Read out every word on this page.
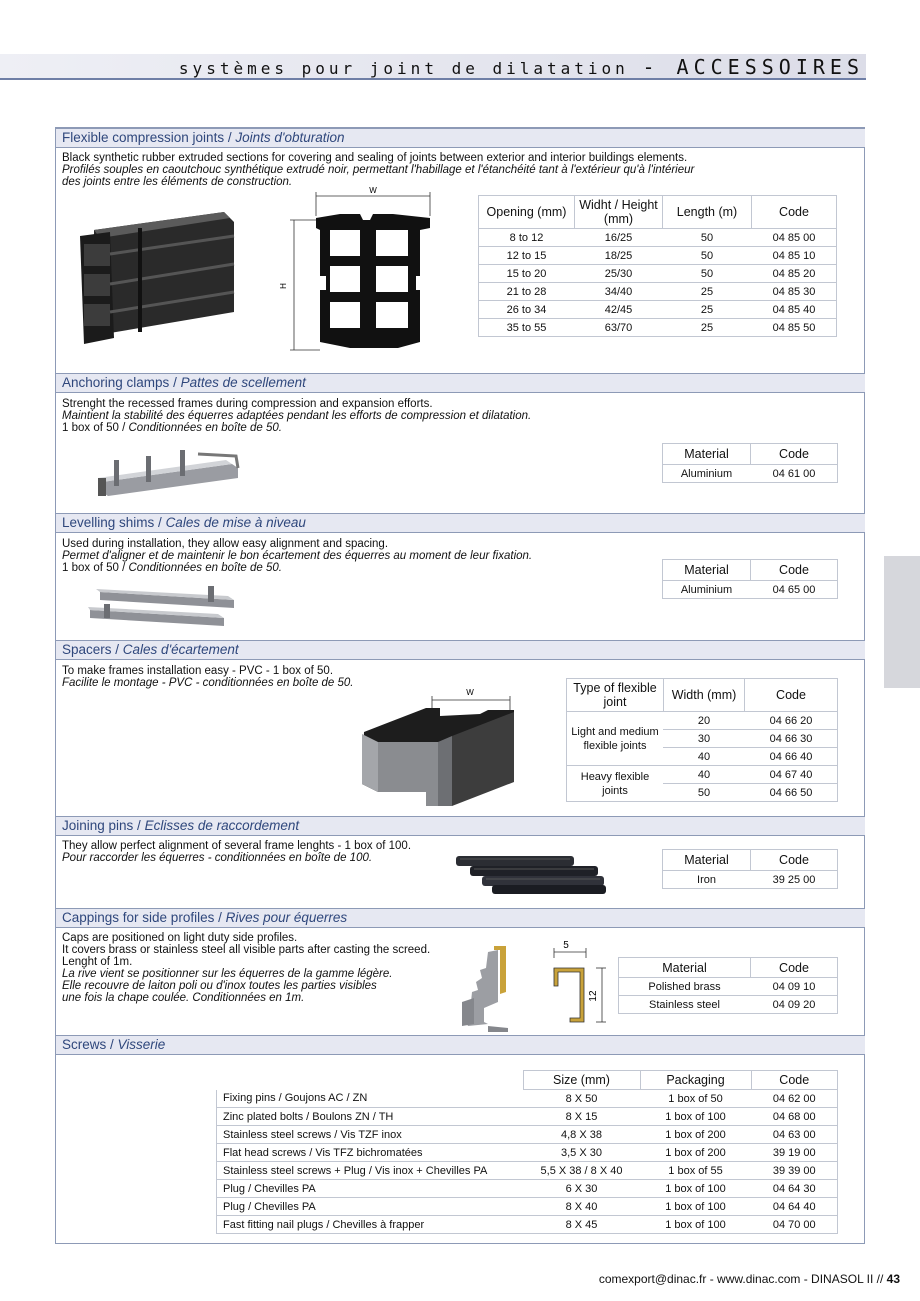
systèmes pour joint de dilatation - ACCESSOIRES
Flexible compression joints / Joints d'obturation
Black synthetic rubber extruded sections for covering and sealing of joints between exterior and interior buildings elements.
Profilés souples en caoutchouc synthétique extrudé noir, permettant l'habillage et l'étanchéité tant à l'extérieur qu'à l'intérieur
des joints entre les éléments de construction.
W
H
Opening (mm)	Widht / Height (mm)	Length (m)	Code
8 to 12	16/25	50	04 85 00
12 to 15	18/25	50	04 85 10
15 to 20	25/30	50	04 85 20
21 to 28	34/40	25	04 85 30
26 to 34	42/45	25	04 85 40
35 to 55	63/70	25	04 85 50
Anchoring clamps / Pattes de scellement
Strenght the recessed frames during compression and expansion efforts.
Maintient la stabilité des équerres adaptées pendant les efforts de compression et dilatation.
1 box of 50 / Conditionnées en boîte de 50.
Material	Code
Aluminium	04 61 00
Levelling shims / Cales de mise à niveau
Used during installation, they allow easy alignment and spacing.
Permet d'aligner et de maintenir le bon écartement des équerres au moment de leur fixation.
1 box of 50 / Conditionnées en boîte de 50.	Material	Code
Aluminium	04 65 00
Spacers / Cales d'écartement
To make frames installation easy - PVC - 1 box of 50.
Facilite le montage - PVC - conditionnées en boîte de 50.
W	Type of flexible joint	Width (mm)	Code
Light and medium flexible joints	20	04 66 20
	30	04 66 30
	40	04 66 40
Heavy flexible joints	40	04 67 40
	50	04 66 50
Joining pins / Eclisses de raccordement
They allow perfect alignment of several frame lenghts - 1 box of 100.
Pour raccorder les équerres - conditionnées en boîte de 100.	Material	Code
Iron	39 25 00
Cappings for side profiles / Rives pour équerres
Caps are positioned on light duty side profiles.
It covers brass or stainless steel all visible parts after casting the screed.
Lenght of 1m.
La rive vient se positionner sur les équerres de la gamme légère.
Elle recouvre de laiton poli ou d'inox toutes les parties visibles
une fois la chape coulée. Conditionnées en 1m.
5
12
Material	Code
Polished brass	04 09 10
Stainless steel	04 09 20
Screws / Visserie
	Size (mm)	Packaging	Code
Fixing pins / Goujons AC / ZN	8 X 50	1 box of 50	04 62 00
Zinc plated bolts / Boulons ZN / TH	8 X 15	1 box of 100	04 68 00
Stainless steel screws / Vis TZF inox	4,8 X 38	1 box of 200	04 63 00
Flat head screws / Vis TFZ bichromatées	3,5 X 30	1 box of 200	39 19 00
Stainless steel screws + Plug / Vis inox + Chevilles PA	5,5 X 38 / 8 X 40	1 box of 55	39 39 00
Plug / Chevilles PA	6 X 30	1 box of 100	04 64 30
Plug / Chevilles PA	8 X 40	1 box of 100	04 64 40
Fast fitting nail plugs / Chevilles à frapper	8 X 45	1 box of 100	04 70 00
comexport@dinac.fr - www.dinac.com - DINASOL II // 43
